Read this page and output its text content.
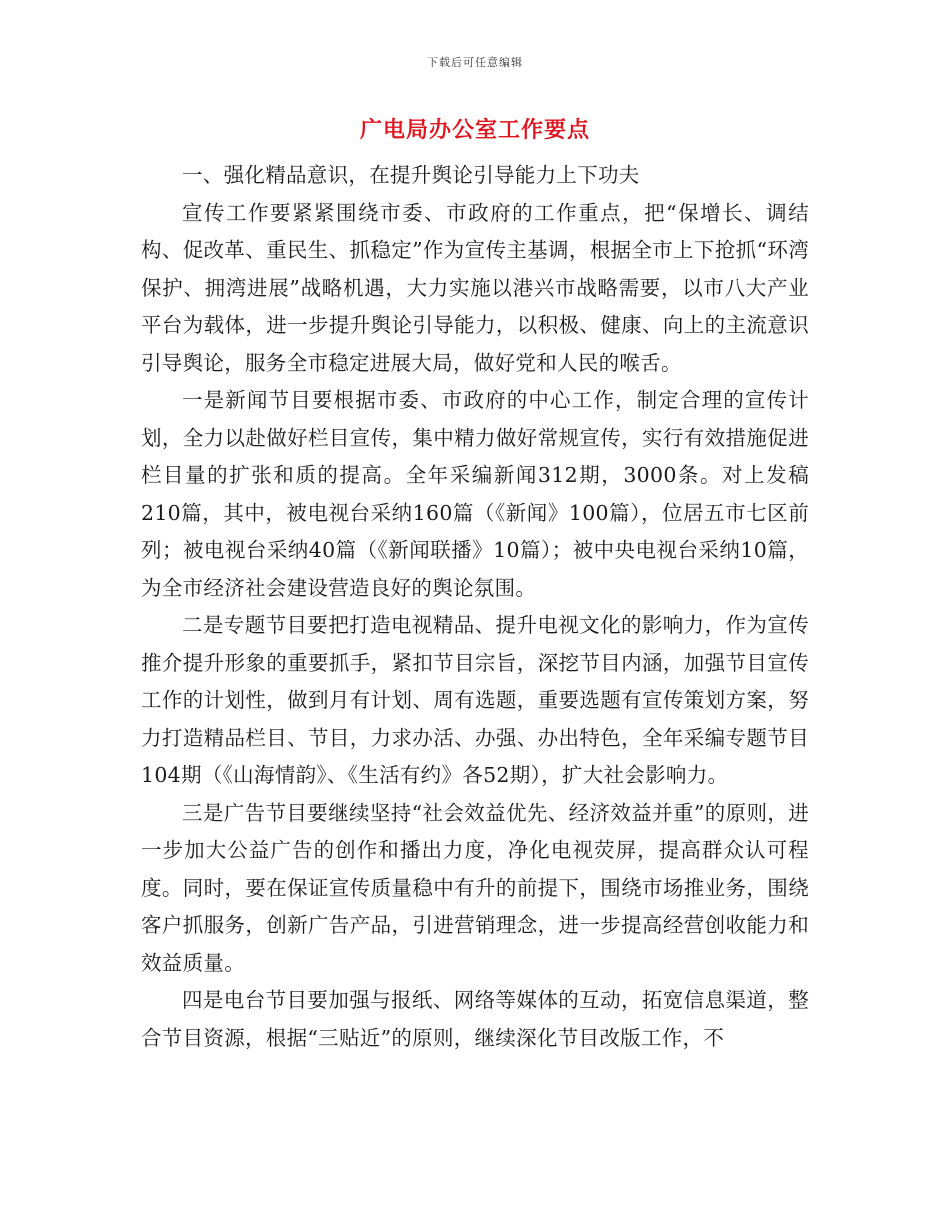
下载后可任意编辑
广电局办公室工作要点

一、强化精品意识，在提升舆论引导能力上下功夫

宣传工作要紧紧围绕市委、市政府的工作重点，把“保增长、调结构、促改革、重民生、抓稳定”作为宣传主基调，根据全市上下抢抓“环湾保护、拥湾进展”战略机遇，大力实施以港兴市战略需要，以市八大产业平台为载体，进一步提升舆论引导能力，以积极、健康、向上的主流意识引导舆论，服务全市稳定进展大局，做好党和人民的喉舌。

一是新闻节目要根据市委、市政府的中心工作，制定合理的宣传计划，全力以赴做好栏目宣传，集中精力做好常规宣传，实行有效措施促进栏目量的扩张和质的提高。全年采编新闻312期，3000条。对上发稿210篇，其中，被电视台采纳160篇（《新闻》100篇），位居五市七区前列；被电视台采纳40篇（《新闻联播》10篇）；被中央电视台采纳10篇，为全市经济社会建设营造良好的舆论氛围。

二是专题节目要把打造电视精品、提升电视文化的影响力，作为宣传推介提升形象的重要抓手，紧扣节目宗旨，深挖节目内涵，加强节目宣传工作的计划性，做到月有计划、周有选题，重要选题有宣传策划方案，努力打造精品栏目、节目，力求办活、办强、办出特色，全年采编专题节目104期（《山海情韵》、《生活有约》各52期），扩大社会影响力。

三是广告节目要继续坚持“社会效益优先、经济效益并重”的原则，进一步加大公益广告的创作和播出力度，净化电视荧屏，提高群众认可程度。同时，要在保证宣传质量稳中有升的前提下，围绕市场推业务，围绕客户抓服务，创新广告产品，引进营销理念，进一步提高经营创收能力和效益质量。

四是电台节目要加强与报纸、网络等媒体的互动，拓宽信息渠道，整合节目资源，根据“三贴近”的原则，继续深化节目改版工作，不
